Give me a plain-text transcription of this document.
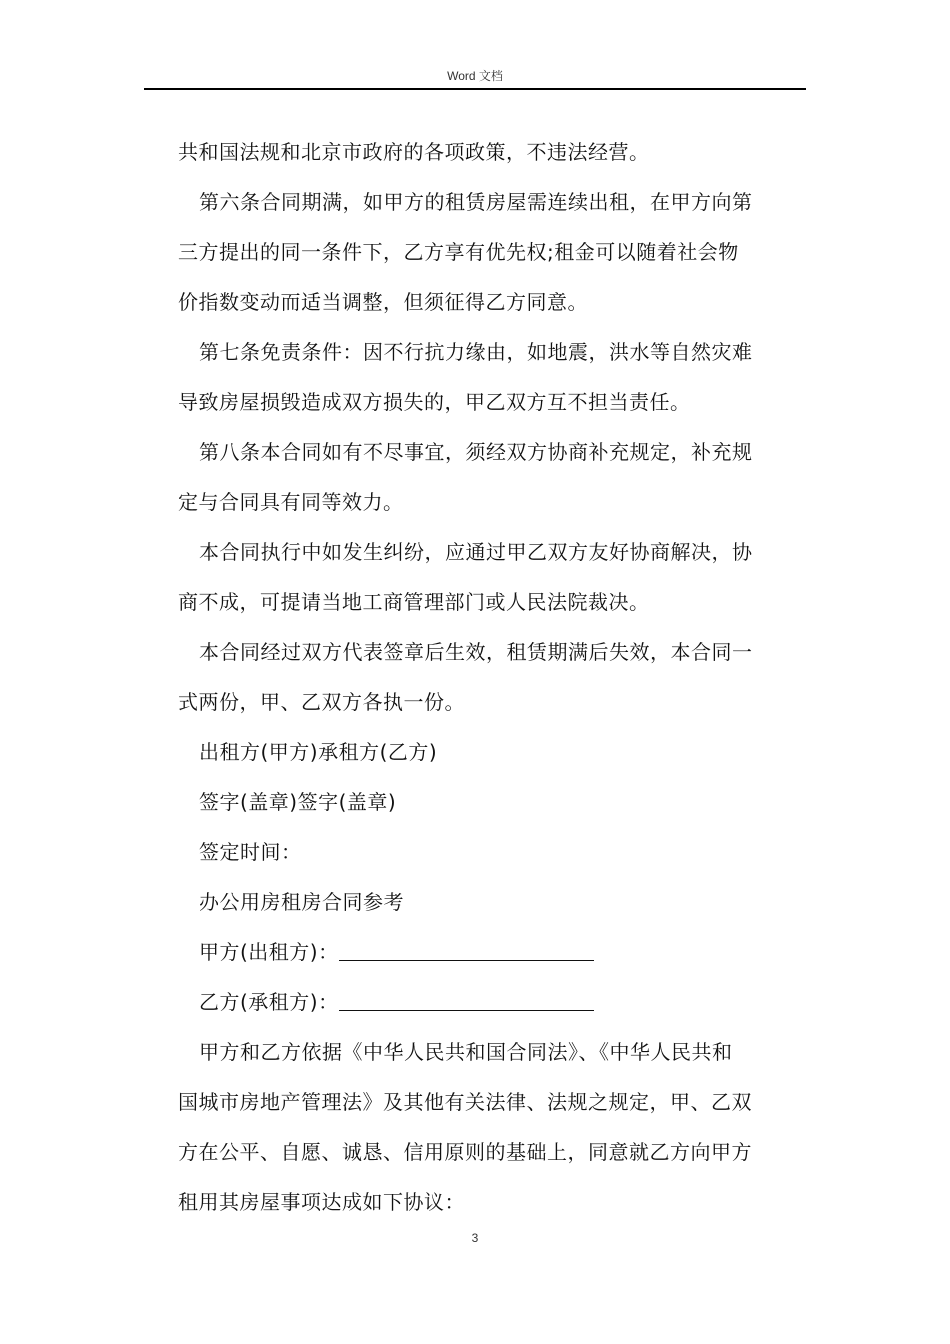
Word 文档
共和国法规和北京市政府的各项政策，不违法经营。
第六条合同期满，如甲方的租赁房屋需连续出租，在甲方向第
三方提出的同一条件下，乙方享有优先权;租金可以随着社会物
价指数变动而适当调整，但须征得乙方同意。
第七条免责条件：因不行抗力缘由，如地震，洪水等自然灾难
导致房屋损毁造成双方损失的，甲乙双方互不担当责任。
第八条本合同如有不尽事宜，须经双方协商补充规定，补充规
定与合同具有同等效力。
本合同执行中如发生纠纷，应通过甲乙双方友好协商解决，协
商不成，可提请当地工商管理部门或人民法院裁决。
本合同经过双方代表签章后生效，租赁期满后失效，本合同一
式两份，甲、乙双方各执一份。
出租方(甲方)承租方(乙方)
签字(盖章)签字(盖章)
签定时间：
办公用房租房合同参考
甲方(出租方)：
乙方(承租方)：
甲方和乙方依据《中华人民共和国合同法》、《中华人民共和
国城市房地产管理法》及其他有关法律、法规之规定，甲、乙双
方在公平、自愿、诚恳、信用原则的基础上，同意就乙方向甲方
租用其房屋事项达成如下协议：
3
